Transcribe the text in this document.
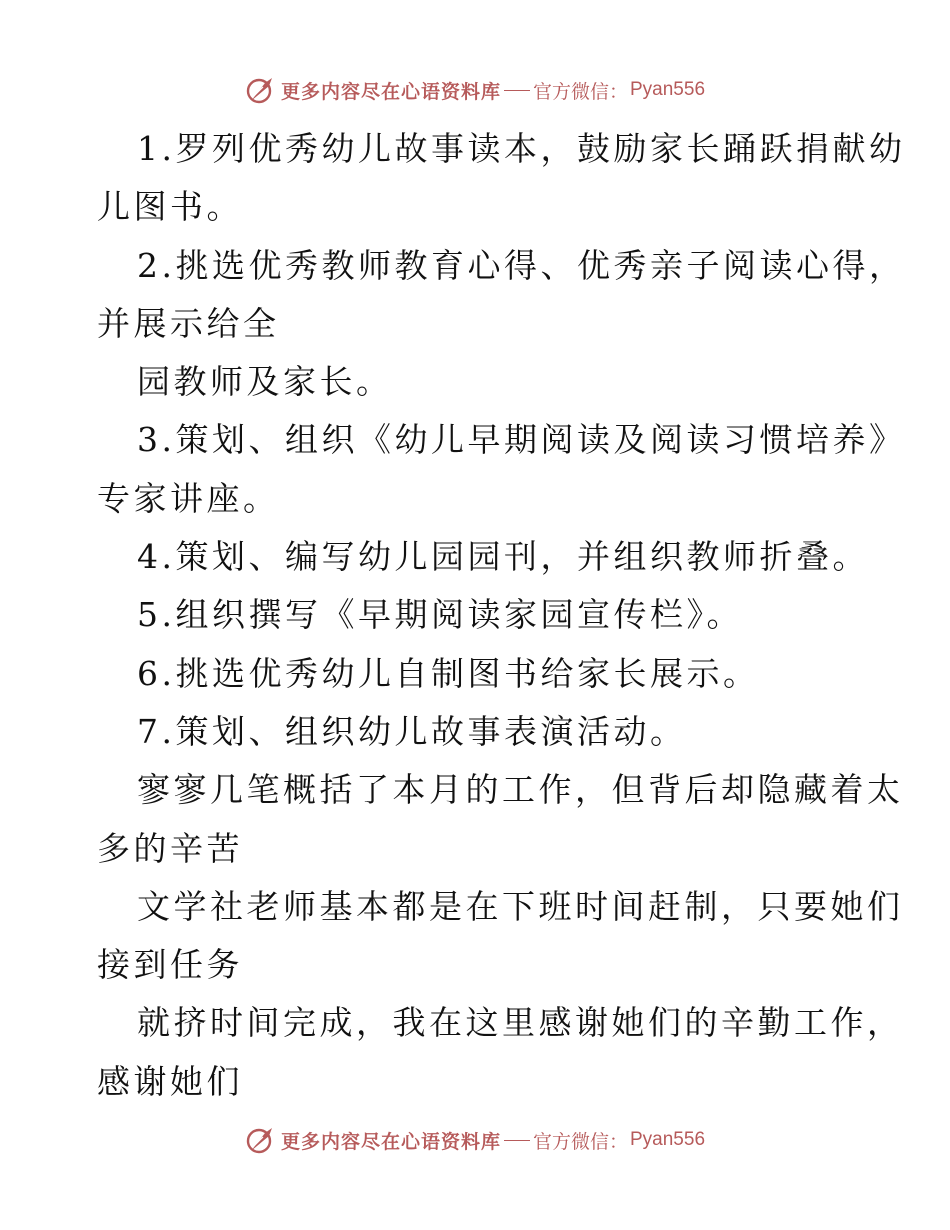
更多内容尽在心语资料库 官方微信： Pyan556
1.罗列优秀幼儿故事读本，鼓励家长踊跃捐献幼
儿图书。
2.挑选优秀教师教育心得、优秀亲子阅读心得，
并展示给全
园教师及家长。
3.策划、组织《幼儿早期阅读及阅读习惯培养》
专家讲座。
4.策划、编写幼儿园园刊，并组织教师折叠。
5.组织撰写《早期阅读家园宣传栏》。
6.挑选优秀幼儿自制图书给家长展示。
7.策划、组织幼儿故事表演活动。
寥寥几笔概括了本月的工作，但背后却隐藏着太
多的辛苦
文学社老师基本都是在下班时间赶制，只要她们
接到任务
就挤时间完成，我在这里感谢她们的辛勤工作，
感谢她们
更多内容尽在心语资料库 官方微信： Pyan556
